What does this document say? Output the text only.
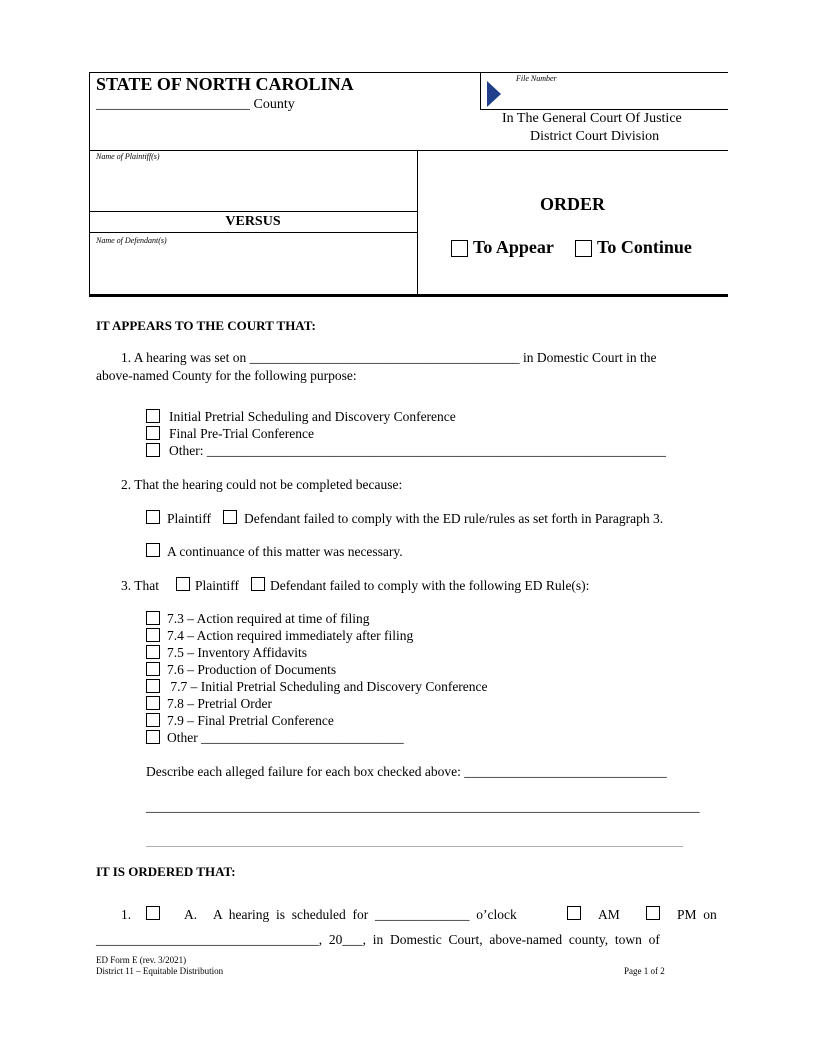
STATE OF NORTH CAROLINA
______________________ County
File Number
In The General Court Of Justice
District Court Division
Name of Plaintiff(s)
VERSUS
Name of Defendant(s)
ORDER
To Appear To Continue
IT APPEARS TO THE COURT THAT:
1. A hearing was set on ________________________________________ in Domestic Court in the
above-named County for the following purpose:
Initial Pretrial Scheduling and Discovery Conference
Final Pre-Trial Conference
Other: ____________________________________________________________________
2. That the hearing could not be completed because:
Plaintiff Defendant failed to comply with the ED rule/rules as set forth in Paragraph 3.
A continuance of this matter was necessary.
3. That	Plaintiff Defendant failed to comply with the following ED Rule(s):
7.3 – Action required at time of filing
7.4 – Action required immediately after filing
7.5 – Inventory Affidavits
7.6 – Production of Documents
7.7 – Initial Pretrial Scheduling and Discovery Conference
7.8 – Pretrial Order
7.9 – Final Pretrial Conference
Other ______________________________
Describe each alleged failure for each box checked above: ______________________________
__________________________________________________________________________________
________________________________________________________________________________________________
IT IS ORDERED THAT:
1.	A. A  hearing  is  scheduled  for  ______________  o’clock	AM	PM  on
_________________________________,  20___,  in  Domestic  Court,  above-named  county,  town  of
ED Form E (rev. 3/2021)
District 11 – Equitable Distribution	Page 1 of 2
